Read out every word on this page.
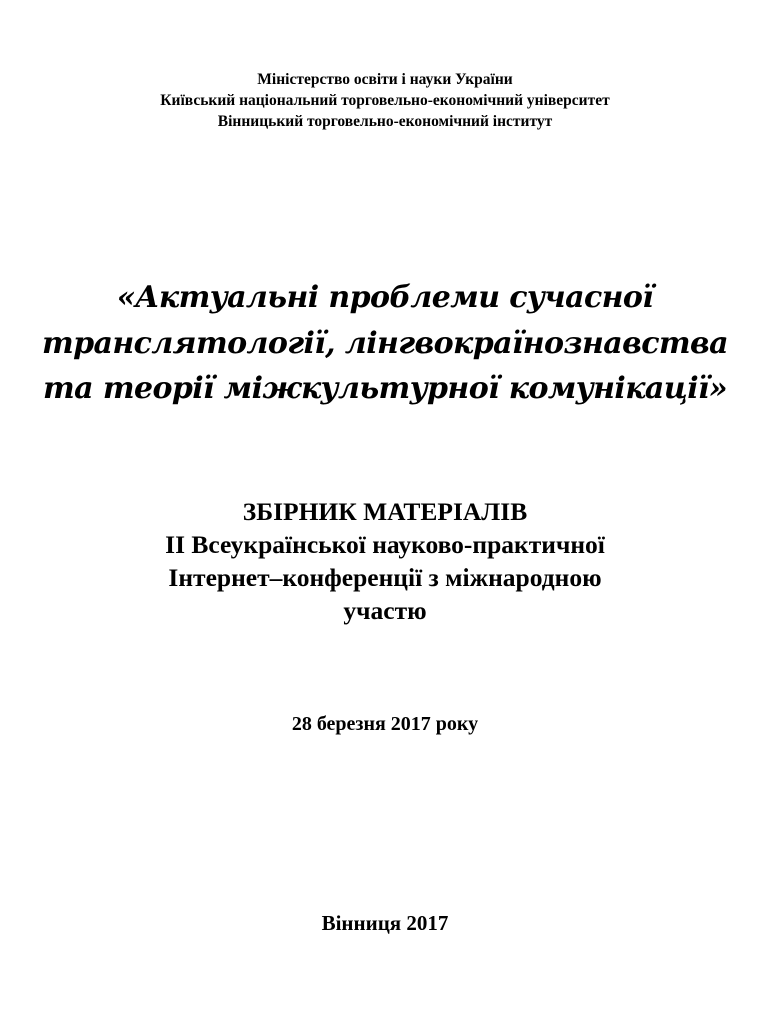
Міністерство освіти і науки України
Київський національний торговельно-економічний університет
Вінницький торговельно-економічний інститут
«Актуальні проблеми сучасної
транслятології, лінгвокраїнознавства
та теорії міжкультурної комунікації»
ЗБІРНИК МАТЕРІАЛІВ
ІІ Всеукраїнської науково-практичної
Інтернет–конференції з міжнародною
участю
28 березня 2017 року
Вінниця 2017
